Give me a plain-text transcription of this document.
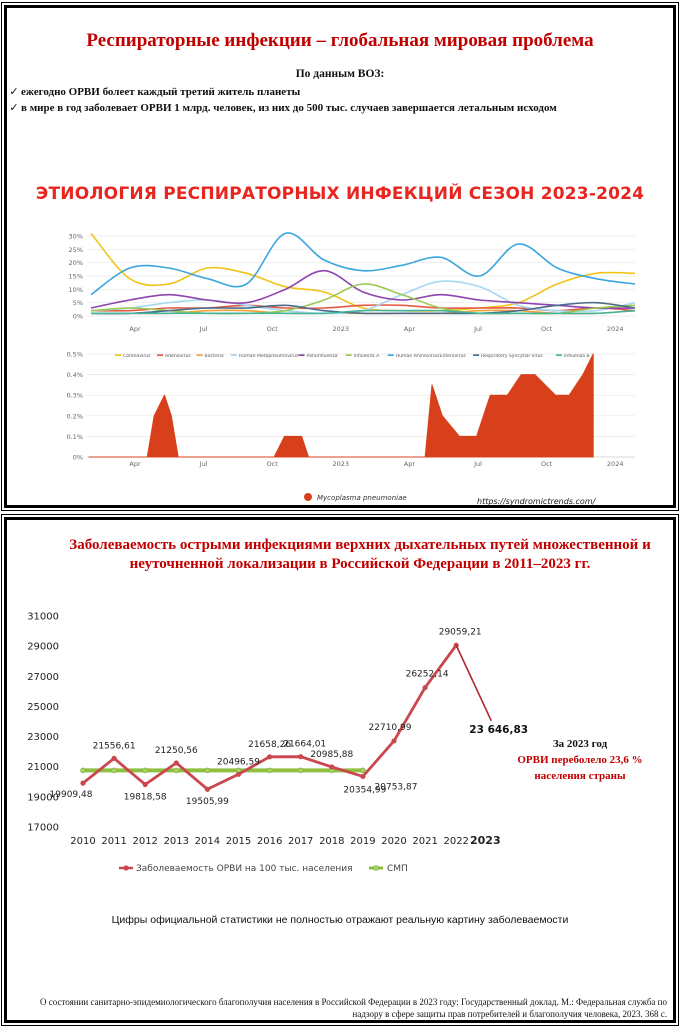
Респираторные инфекции – глобальная мировая проблема
По данным ВОЗ:
✓ ежегодно ОРВИ болеет каждый третий житель планеты
✓ в мире в год заболевает ОРВИ 1 млрд. человек, из них до 500 тыс. случаев завершается летальным исходом
ЭТИОЛОГИЯ РЕСПИРАТОРНЫХ ИНФЕКЦИЙ СЕЗОН 2023-2024
0%
5%
10%
15%
20%
25%
30%
Apr	Jul	Oct	2023	Apr	Jul	Oct	2024
Coronavirus	Adenovirus	Bacteria	Human Metapneumovirus Parainfluenza	Influenza A	Human Rhinovirus/Enterovirus	Respiratory Syncytial Virus	Influenza B
0%
0.1%
0.2%
0.3%
0.4%
0.5%
Apr	Jul	Oct	2023	Apr	Jul	Oct	2024
Mycoplasma pneumoniae	https://syndromictrends.com/
Заболеваемость острыми инфекциями верхних дыхательных путей множественной и неуточненной локализации в Российской Федерации в 2011–2023 гг.
17000
19000
21000
23000
25000
27000
29000
31000
2010 2011 2012 2013 2014 2015 2016 2017 2018 2019 2020 2021 2022 2023
19909,48
21556,61
19818,58
21250,56
19505,99
20496,59
21658,26
21664,01
20985,88
20354,99
22710,99
26252,14
29059,21
23 646,83
20753,87
Заболеваемость ОРВИ на 100 тыс. населения	СМП
За 2023 год
ОРВИ переболело 23,6 % населения страны
Цифры официальной статистики не полностью отражают реальную картину заболеваемости
О состоянии санитарно-эпидемиологического благополучия населения в Российской Федерации в 2023 году: Государственный доклад. М.: Федеральная служба по надзору в сфере защиты прав потребителей и благополучия человека, 2023. 368 с.
